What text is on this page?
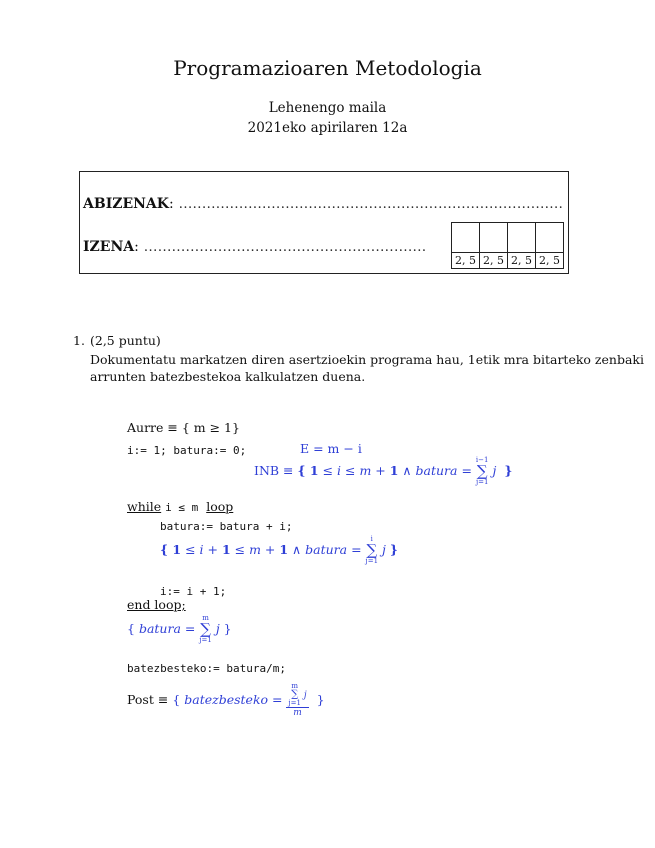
Programazioaren Metodologia
Lehenengo maila
2021eko apirilaren 12a
ABIZENAK: ...................................................................................
IZENA: .............................................................

2, 5	2, 5	2, 5	2, 5
1. (2,5 puntu)
Dokumentatu markatzen diren asertzioekin programa hau, 1etik mra bitarteko zenbaki
arrunten batezbestekoa kalkulatzen duena.
Aurre ≡ { m ≥ 1}
i:= 1; batura:= 0;	E = m − i
INB ≡ { 1 ≤ i ≤ m + 1 ∧ batura =
i−1
∑
j=1
j }
while i ≤ m loop
batura:= batura + i;
{ 1 ≤ i + 1 ≤ m + 1 ∧ batura =
i
∑
j=1
j }
i:= i + 1;
end loop;
{ batura =
m
∑
j=1
j }
batezbesteko:= batura/m;
Post ≡ { batezbesteko = m
∑
j=1
j
m }
